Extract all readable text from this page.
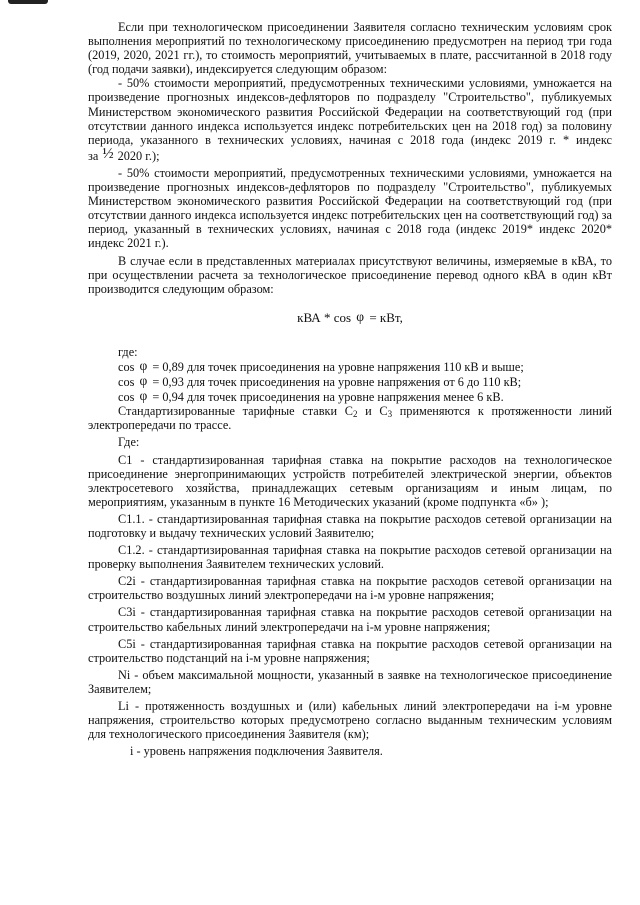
Если при технологическом присоединении Заявителя согласно техническим условиям срок выполнения мероприятий по технологическому присоединению предусмотрен на период три года (2019, 2020, 2021 гг.), то стоимость мероприятий, учитываемых в плате, рассчитанной в 2018 году (год подачи заявки), индексируется следующим образом:

- 50% стоимости мероприятий, предусмотренных техническими условиями, умножается на произведение прогнозных индексов-дефляторов по подразделу "Строительство", публикуемых Министерством экономического развития Российской Федерации на соответствующий год (при отсутствии данного индекса используется индекс потребительских цен на 2018 год) за половину периода, указанного в технических условиях, начиная с 2018 года (индекс 2019 г. * индекс за ½ 2020 г.);

- 50% стоимости мероприятий, предусмотренных техническими условиями, умножается на произведение прогнозных индексов-дефляторов по подразделу "Строительство", публикуемых Министерством экономического развития Российской Федерации на соответствующий год (при отсутствии данного индекса используется индекс потребительских цен на соответствующий год) за период, указанный в технических условиях, начиная с 2018 года (индекс 2019* индекс 2020* индекс 2021 г.).

В случае если в представленных материалах присутствуют величины, измеряемые в кВА, то при осуществлении расчета за технологическое присоединение перевод одного кВА в один кВт производится следующим образом:

кВА * cos φ = кВт,

где:

cos φ = 0,89 для точек присоединения на уровне напряжения 110 кВ и выше;

cos φ = 0,93 для точек присоединения на уровне напряжения от 6 до 110 кВ;

cos φ = 0,94 для точек присоединения на уровне напряжения менее 6 кВ.

Стандартизированные тарифные ставки $C_2$ и $C_3$ применяются к протяженности линий электропередачи по трассе.

Где:

C1 - стандартизированная тарифная ставка на покрытие расходов на технологическое присоединение энергопринимающих устройств потребителей электрической энергии, объектов электросетевого хозяйства, принадлежащих сетевым организациям и иным лицам, по мероприятиям, указанным в пункте 16 Методических указаний (кроме подпункта «б» );

C1.1. - стандартизированная тарифная ставка на покрытие расходов сетевой организации на подготовку и выдачу технических условий Заявителю;

C1.2. - стандартизированная тарифная ставка на покрытие расходов сетевой организации на проверку выполнения Заявителем технических условий.

C2i - стандартизированная тарифная ставка на покрытие расходов сетевой организации на строительство воздушных линий электропередачи на i-м уровне напряжения;

C3i - стандартизированная тарифная ставка на покрытие расходов сетевой организации на строительство кабельных линий электропередачи на i-м уровне напряжения;

C5i - стандартизированная тарифная ставка на покрытие расходов сетевой организации на строительство подстанций на i-м уровне напряжения;

Ni - объем максимальной мощности, указанный в заявке на технологическое присоединение Заявителем;

Li - протяженность воздушных и (или) кабельных линий электропередачи на i-м уровне напряжения, строительство которых предусмотрено согласно выданным техническим условиям для технологического присоединения Заявителя (км);

i - уровень напряжения подключения Заявителя.
